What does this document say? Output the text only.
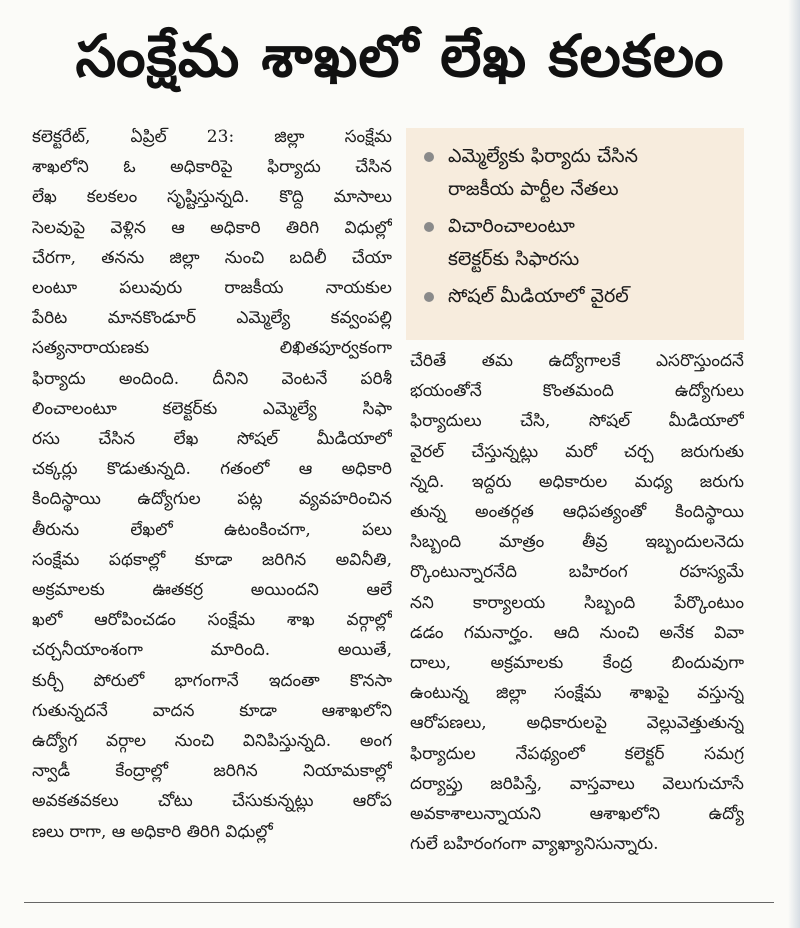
సంక్షేమ శాఖలో లేఖ కలకలం
కలెక్టరేట్‌, ఏప్రిల్‌ 23: జిల్లా సంక్షేమ
శాఖలోని ఓ అధికారిపై ఫిర్యాదు చేసిన
లేఖ కలకలం సృష్టిస్తున్నది. కొద్ది మాసాలు
సెలవుపై వెళ్లిన ఆ అధికారి తిరిగి విధుల్లో
చేరగా, తనను జిల్లా నుంచి బదిలీ చేయా
లంటూ పలువురు రాజకీయ నాయకుల
పేరిట మానకొండూర్‌ ఎమ్మెల్యే కవ్వంపల్లి
సత్యనారాయణకు లిఖితపూర్వకంగా
ఫిర్యాదు అందింది. దీనిని వెంటనే పరిశీ
లించాలంటూ కలెక్టర్‌కు ఎమ్మెల్యే సిఫా
రసు చేసిన లేఖ సోషల్‌ మీడియాలో
చక్కర్లు కొడుతున్నది. గతంలో ఆ అధికారి
కిందిస్థాయి ఉద్యోగుల పట్ల వ్యవహరించిన
తీరును లేఖలో ఉటంకించగా, పలు
సంక్షేమ పథకాల్లో కూడా జరిగిన అవినీతి,
అక్రమాలకు ఊతకర్ర అయిందని ఆలే
ఖలో ఆరోపించడం సంక్షేమ శాఖ వర్గాల్లో
చర్చనీయాంశంగా మారింది. అయితే,
కుర్చీ పోరులో భాగంగానే ఇదంతా కొనసా
గుతున్నదనే వాదన కూడా ఆశాఖలోని
ఉద్యోగ వర్గాల నుంచి వినిపిస్తున్నది. అంగ
న్వాడీ కేంద్రాల్లో జరిగిన నియామకాల్లో
అవకతవకలు చోటు చేసుకున్నట్లు ఆరోప
ణలు రాగా, ఆ అధికారి తిరిగి విధుల్లో
ఎమ్మెల్యేకు ఫిర్యాదు చేసిన
రాజకీయ పార్టీల నేతలు
విచారించాలంటూ
కలెక్టర్‌కు సిఫారసు
సోషల్‌ మీడియాలో వైరల్‌
చేరితే తమ ఉద్యోగాలకే ఎసరొస్తుందనే
భయంతోనే కొంతమంది ఉద్యోగులు
ఫిర్యాదులు చేసి, సోషల్‌ మీడియాలో
వైరల్‌ చేస్తున్నట్లు మరో చర్చ జరుగుతు
న్నది. ఇద్దరు అధికారుల మధ్య జరుగు
తున్న అంతర్గత ఆధిపత్యంతో కిందిస్థాయి
సిబ్బంది మాత్రం తీవ్ర ఇబ్బందులనెదు
ర్కొంటున్నారనేది బహిరంగ రహస్యమే
నని కార్యాలయ సిబ్బంది పేర్కొంటుం
డడం గమనార్హం. ఆది నుంచి అనేక వివా
దాలు, అక్రమాలకు కేంద్ర బిందువుగా
ఉంటున్న జిల్లా సంక్షేమ శాఖపై వస్తున్న
ఆరోపణలు, అధికారులపై వెల్లువెత్తుతున్న
ఫిర్యాదుల నేపథ్యంలో కలెక్టర్‌ సమగ్ర
దర్యాప్తు జరిపిస్తే, వాస్తవాలు వెలుగుచూసే
అవకాశాలున్నాయని ఆశాఖలోని ఉద్యో
గులే బహిరంగంగా వ్యాఖ్యానిసున్నారు.
